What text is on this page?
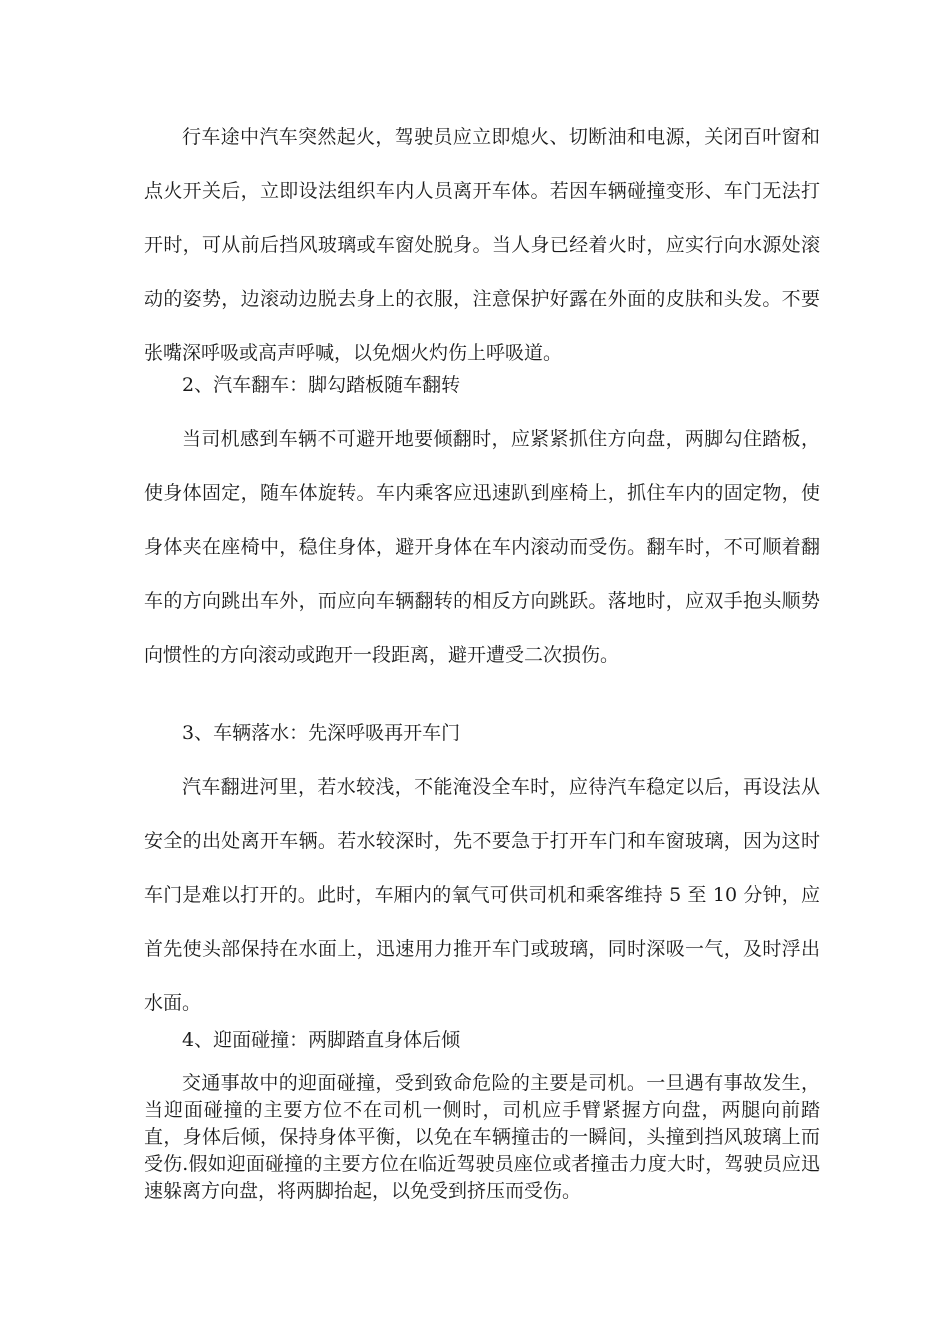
行车途中汽车突然起火，驾驶员应立即熄火、切断油和电源，关闭百叶窗和点火开关后，立即设法组织车内人员离开车体。若因车辆碰撞变形、车门无法打开时，可从前后挡风玻璃或车窗处脱身。当人身已经着火时，应实行向水源处滚动的姿势，边滚动边脱去身上的衣服，注意保护好露在外面的皮肤和头发。不要张嘴深呼吸或高声呼喊，以免烟火灼伤上呼吸道。

2、汽车翻车：脚勾踏板随车翻转

当司机感到车辆不可避开地要倾翻时，应紧紧抓住方向盘，两脚勾住踏板，使身体固定，随车体旋转。车内乘客应迅速趴到座椅上，抓住车内的固定物，使身体夹在座椅中，稳住身体，避开身体在车内滚动而受伤。翻车时，不可顺着翻车的方向跳出车外，而应向车辆翻转的相反方向跳跃。落地时，应双手抱头顺势向惯性的方向滚动或跑开一段距离，避开遭受二次损伤。

3、车辆落水：先深呼吸再开车门

汽车翻进河里，若水较浅，不能淹没全车时，应待汽车稳定以后，再设法从安全的出处离开车辆。若水较深时，先不要急于打开车门和车窗玻璃，因为这时车门是难以打开的。此时，车厢内的氧气可供司机和乘客维持 5 至 10 分钟，应首先使头部保持在水面上，迅速用力推开车门或玻璃，同时深吸一气，及时浮出水面。

4、迎面碰撞：两脚踏直身体后倾

交通事故中的迎面碰撞，受到致命危险的主要是司机。一旦遇有事故发生，当迎面碰撞的主要方位不在司机一侧时，司机应手臂紧握方向盘，两腿向前踏直，身体后倾，保持身体平衡，以免在车辆撞击的一瞬间，头撞到挡风玻璃上而受伤.假如迎面碰撞的主要方位在临近驾驶员座位或者撞击力度大时，驾驶员应迅速躲离方向盘，将两脚抬起，以免受到挤压而受伤。
